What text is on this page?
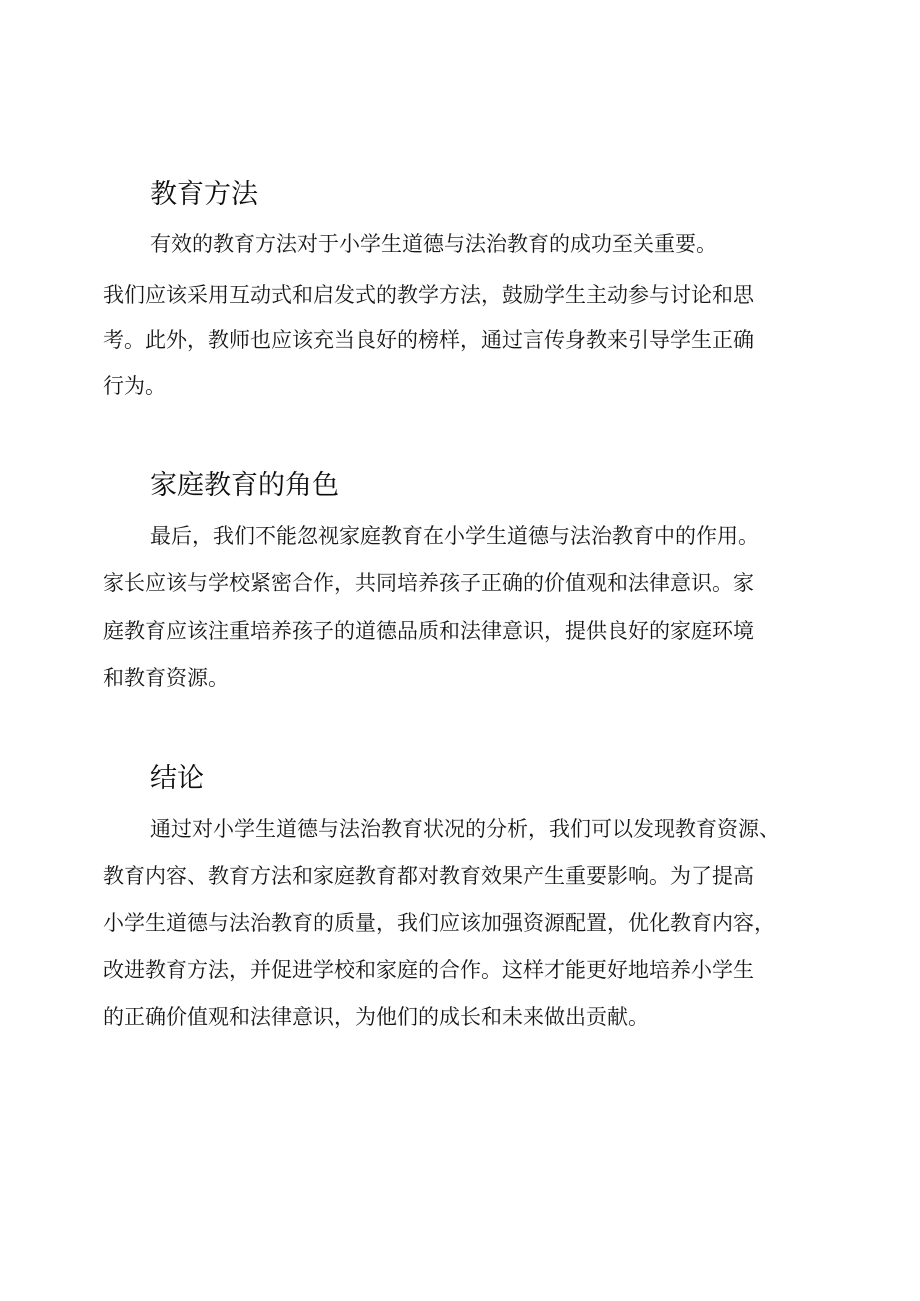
教育方法
有效的教育方法对于小学生道德与法治教育的成功至关重要。
我们应该采用互动式和启发式的教学方法，鼓励学生主动参与讨论和思
考。此外，教师也应该充当良好的榜样，通过言传身教来引导学生正确
行为。
家庭教育的角色
最后，我们不能忽视家庭教育在小学生道德与法治教育中的作用。
家长应该与学校紧密合作，共同培养孩子正确的价值观和法律意识。家
庭教育应该注重培养孩子的道德品质和法律意识，提供良好的家庭环境
和教育资源。
结论
通过对小学生道德与法治教育状况的分析，我们可以发现教育资源、
教育内容、教育方法和家庭教育都对教育效果产生重要影响。为了提高
小学生道德与法治教育的质量，我们应该加强资源配置，优化教育内容，
改进教育方法，并促进学校和家庭的合作。这样才能更好地培养小学生
的正确价值观和法律意识，为他们的成长和未来做出贡献。
